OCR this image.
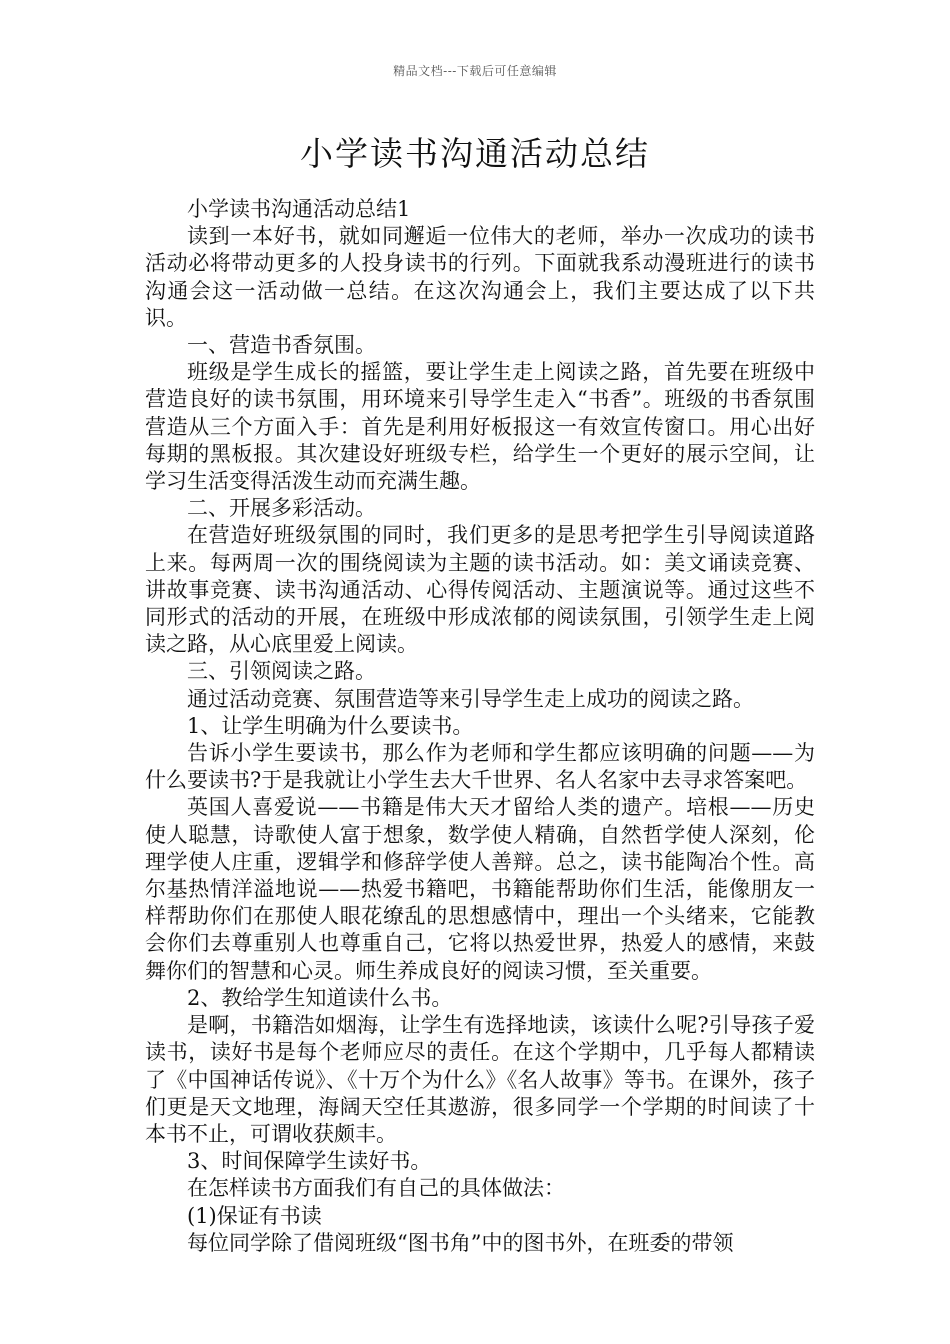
精品文档---下载后可任意编辑
小学读书沟通活动总结

小学读书沟通活动总结1

读到一本好书，就如同邂逅一位伟大的老师，举办一次成功的读书活动必将带动更多的人投身读书的行列。下面就我系动漫班进行的读书沟通会这一活动做一总结。在这次沟通会上，我们主要达成了以下共识。

一、营造书香氛围。

班级是学生成长的摇篮，要让学生走上阅读之路，首先要在班级中营造良好的读书氛围，用环境来引导学生走入“书香”。班级的书香氛围营造从三个方面入手：首先是利用好板报这一有效宣传窗口。用心出好每期的黑板报。其次建设好班级专栏，给学生一个更好的展示空间，让学习生活变得活泼生动而充满生趣。

二、开展多彩活动。

在营造好班级氛围的同时，我们更多的是思考把学生引导阅读道路上来。每两周一次的围绕阅读为主题的读书活动。如：美文诵读竞赛、讲故事竞赛、读书沟通活动、心得传阅活动、主题演说等。通过这些不同形式的活动的开展，在班级中形成浓郁的阅读氛围，引领学生走上阅读之路，从心底里爱上阅读。

三、引领阅读之路。

通过活动竞赛、氛围营造等来引导学生走上成功的阅读之路。

1、让学生明确为什么要读书。

告诉小学生要读书，那么作为老师和学生都应该明确的问题——为什么要读书?于是我就让小学生去大千世界、名人名家中去寻求答案吧。

英国人喜爱说——书籍是伟大天才留给人类的遗产。培根——历史使人聪慧，诗歌使人富于想象，数学使人精确，自然哲学使人深刻，伦理学使人庄重，逻辑学和修辞学使人善辩。总之，读书能陶冶个性。高尔基热情洋溢地说——热爱书籍吧，书籍能帮助你们生活，能像朋友一样帮助你们在那使人眼花缭乱的思想感情中，理出一个头绪来，它能教会你们去尊重别人也尊重自己，它将以热爱世界，热爱人的感情，来鼓舞你们的智慧和心灵。师生养成良好的阅读习惯，至关重要。

2、教给学生知道读什么书。

是啊，书籍浩如烟海，让学生有选择地读，该读什么呢?引导孩子爱读书，读好书是每个老师应尽的责任。在这个学期中，几乎每人都精读了《中国神话传说》、《十万个为什么》《名人故事》等书。在课外，孩子们更是天文地理，海阔天空任其遨游，很多同学一个学期的时间读了十本书不止，可谓收获颇丰。

3、时间保障学生读好书。

在怎样读书方面我们有自己的具体做法：

(1)保证有书读

每位同学除了借阅班级“图书角”中的图书外，在班委的带领
